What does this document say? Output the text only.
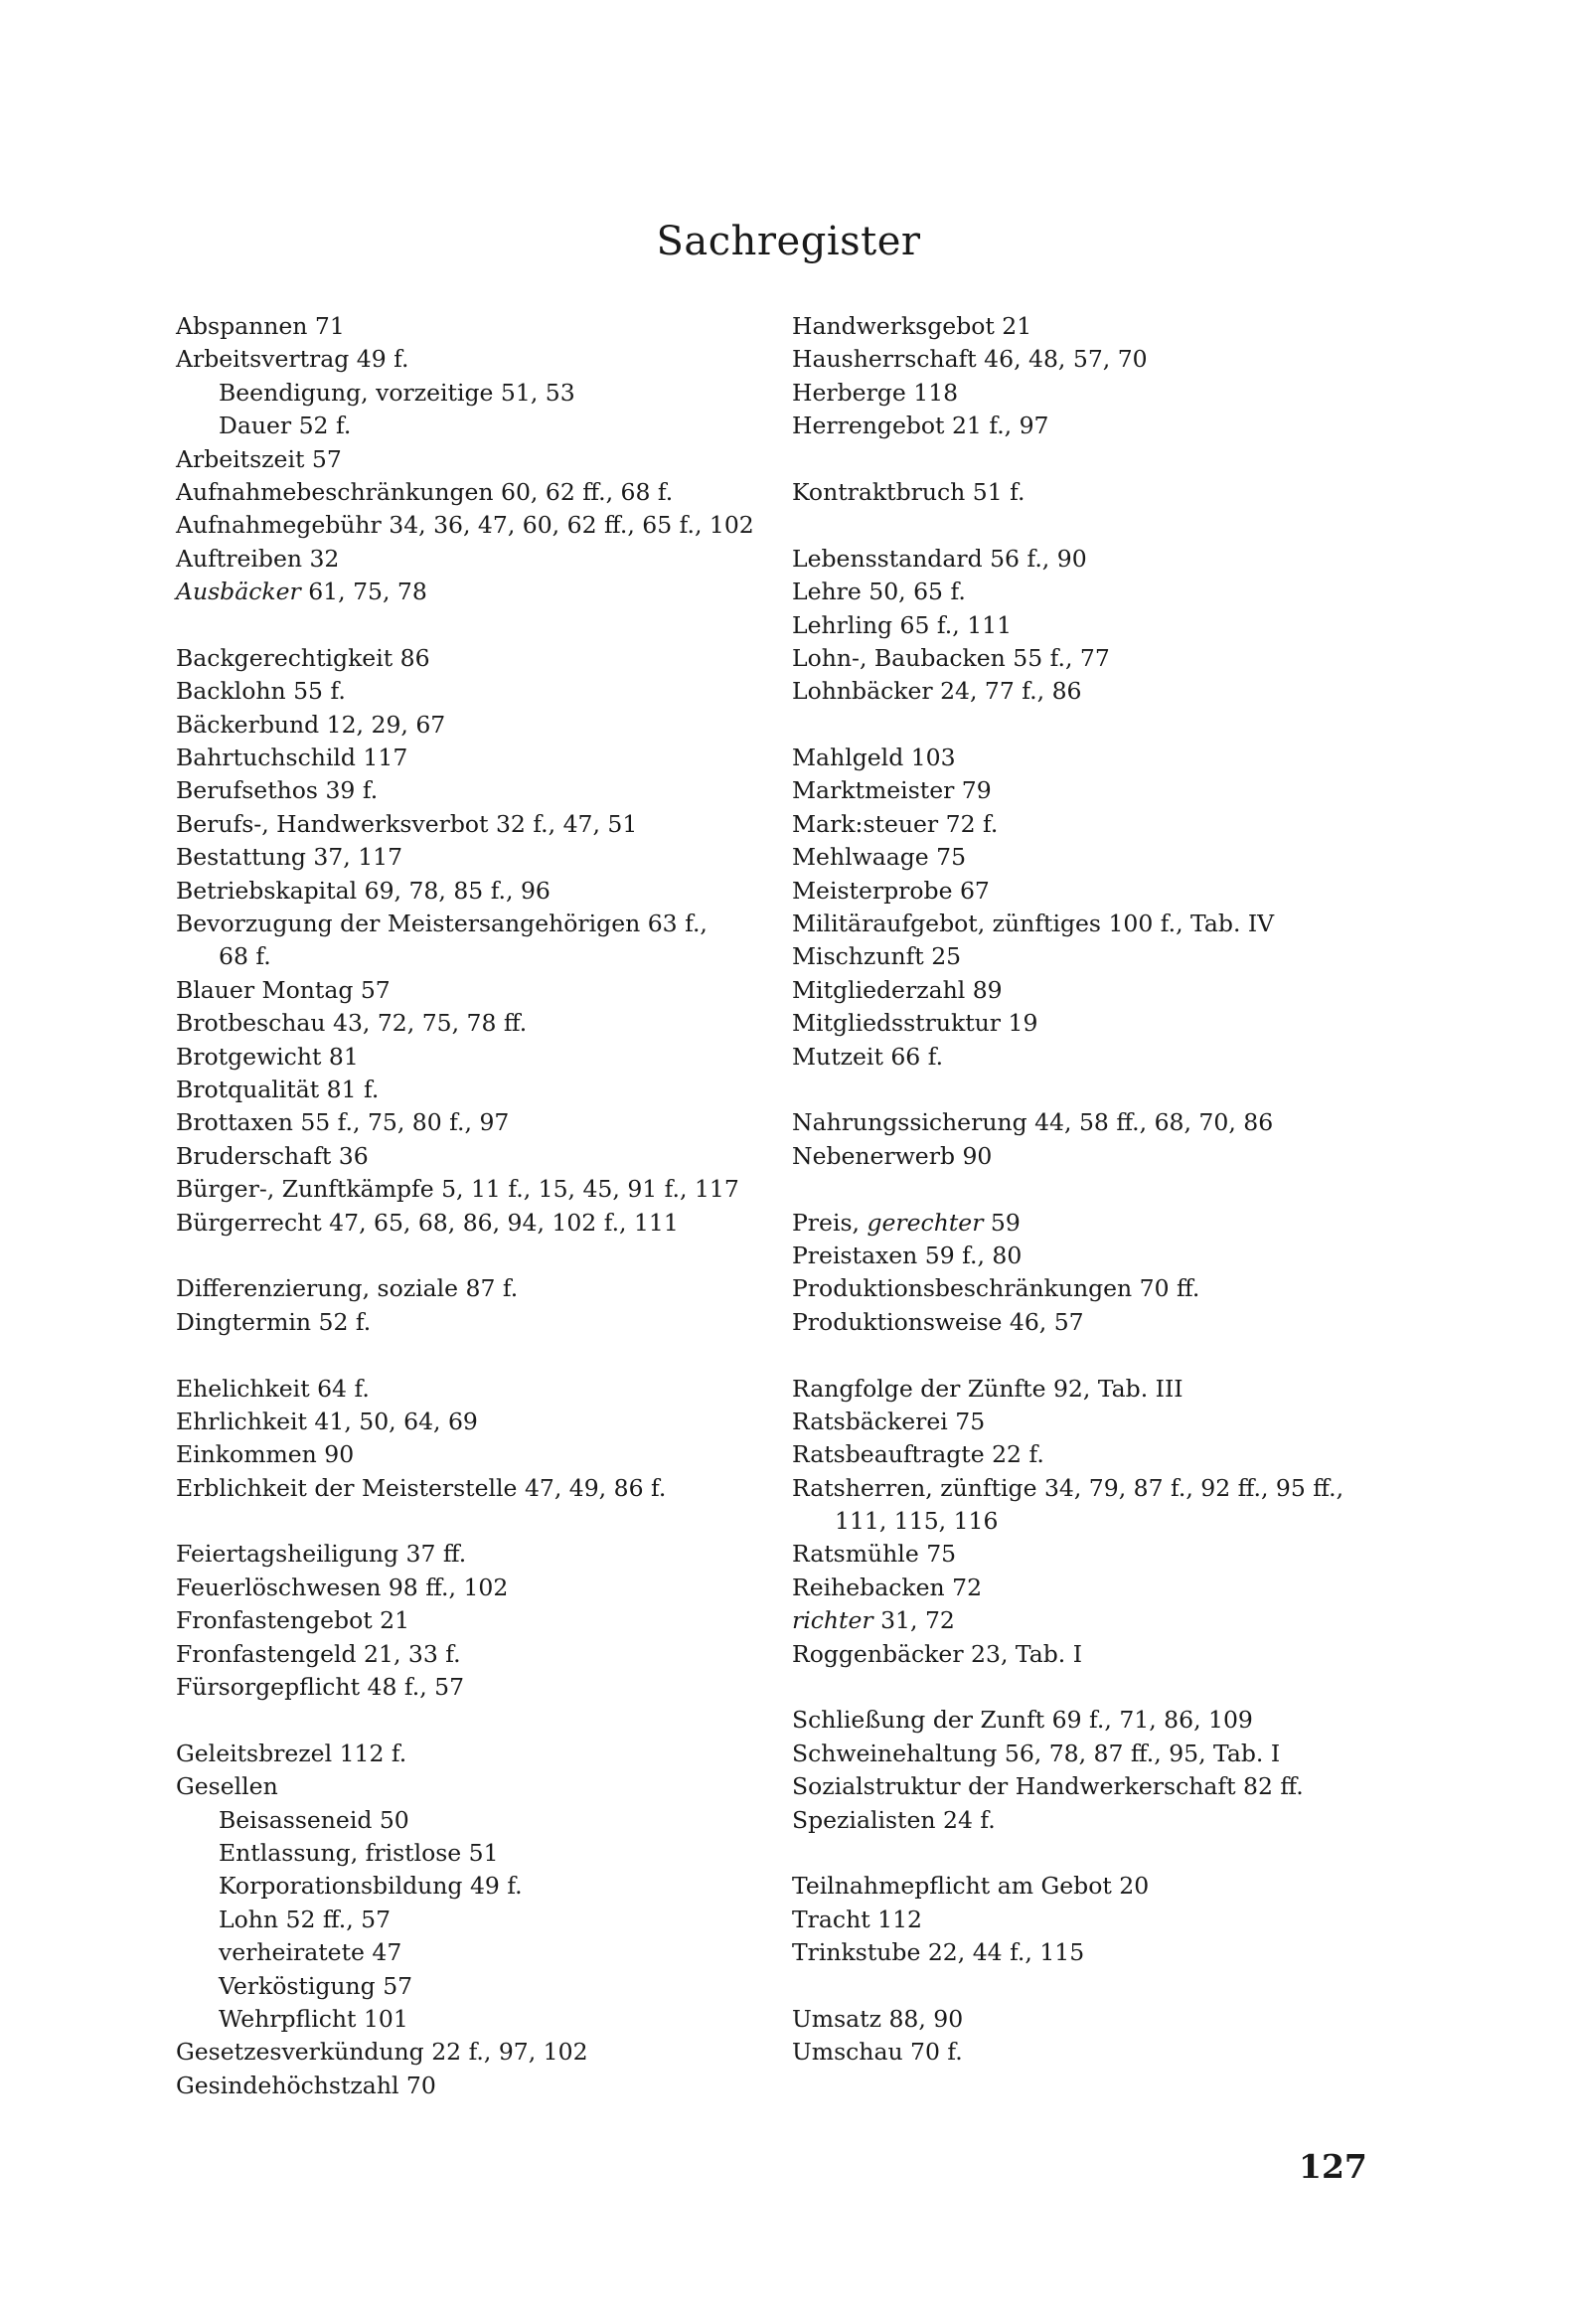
Sachregister
Abspannen 71
Arbeitsvertrag 49 f.
Beendigung, vorzeitige 51, 53
Dauer 52 f.
Arbeitszeit 57
Aufnahmebeschränkungen 60, 62 ff., 68 f.
Aufnahmegebühr 34, 36, 47, 60, 62 ff., 65 f., 102
Auftreiben 32
Ausbäcker 61, 75, 78
Backgerechtigkeit 86
Backlohn 55 f.
Bäckerbund 12, 29, 67
Bahrtuchschild 117
Berufsethos 39 f.
Berufs-, Handwerksverbot 32 f., 47, 51
Bestattung 37, 117
Betriebskapital 69, 78, 85 f., 96
Bevorzugung der Meistersangehörigen 63 f.,
68 f.
Blauer Montag 57
Brotbeschau 43, 72, 75, 78 ff.
Brotgewicht 81
Brotqualität 81 f.
Brottaxen 55 f., 75, 80 f., 97
Bruderschaft 36
Bürger-, Zunftkämpfe 5, 11 f., 15, 45, 91 f., 117
Bürgerrecht 47, 65, 68, 86, 94, 102 f., 111
Differenzierung, soziale 87 f.
Dingtermin 52 f.
Ehelichkeit 64 f.
Ehrlichkeit 41, 50, 64, 69
Einkommen 90
Erblichkeit der Meisterstelle 47, 49, 86 f.
Feiertagsheiligung 37 ff.
Feuerlöschwesen 98 ff., 102
Fronfastengebot 21
Fronfastengeld 21, 33 f.
Fürsorgepflicht 48 f., 57
Geleitsbrezel 112 f.
Gesellen
Beisasseneid 50
Entlassung, fristlose 51
Korporationsbildung 49 f.
Lohn 52 ff., 57
verheiratete 47
Verköstigung 57
Wehrpflicht 101
Gesetzesverkündung 22 f., 97, 102
Gesindehöchstzahl 70
Handwerksgebot 21
Hausherrschaft 46, 48, 57, 70
Herberge 118
Herrengebot 21 f., 97
Kontraktbruch 51 f.
Lebensstandard 56 f., 90
Lehre 50, 65 f.
Lehrling 65 f., 111
Lohn-, Baubacken 55 f., 77
Lohnbäcker 24, 77 f., 86
Mahlgeld 103
Marktmeister 79
Mark:steuer 72 f.
Mehlwaage 75
Meisterprobe 67
Militäraufgebot, zünftiges 100 f., Tab. IV
Mischzunft 25
Mitgliederzahl 89
Mitgliedsstruktur 19
Mutzeit 66 f.
Nahrungssicherung 44, 58 ff., 68, 70, 86
Nebenerwerb 90
Preis, gerechter 59
Preistaxen 59 f., 80
Produktionsbeschränkungen 70 ff.
Produktionsweise 46, 57
Rangfolge der Zünfte 92, Tab. III
Ratsbäckerei 75
Ratsbeauftragte 22 f.
Ratsherren, zünftige 34, 79, 87 f., 92 ff., 95 ff.,
111, 115, 116
Ratsmühle 75
Reihebacken 72
richter 31, 72
Roggenbäcker 23, Tab. I
Schließung der Zunft 69 f., 71, 86, 109
Schweinehaltung 56, 78, 87 ff., 95, Tab. I
Sozialstruktur der Handwerkerschaft 82 ff.
Spezialisten 24 f.
Teilnahmepflicht am Gebot 20
Tracht 112
Trinkstube 22, 44 f., 115
Umsatz 88, 90
Umschau 70 f.
127
